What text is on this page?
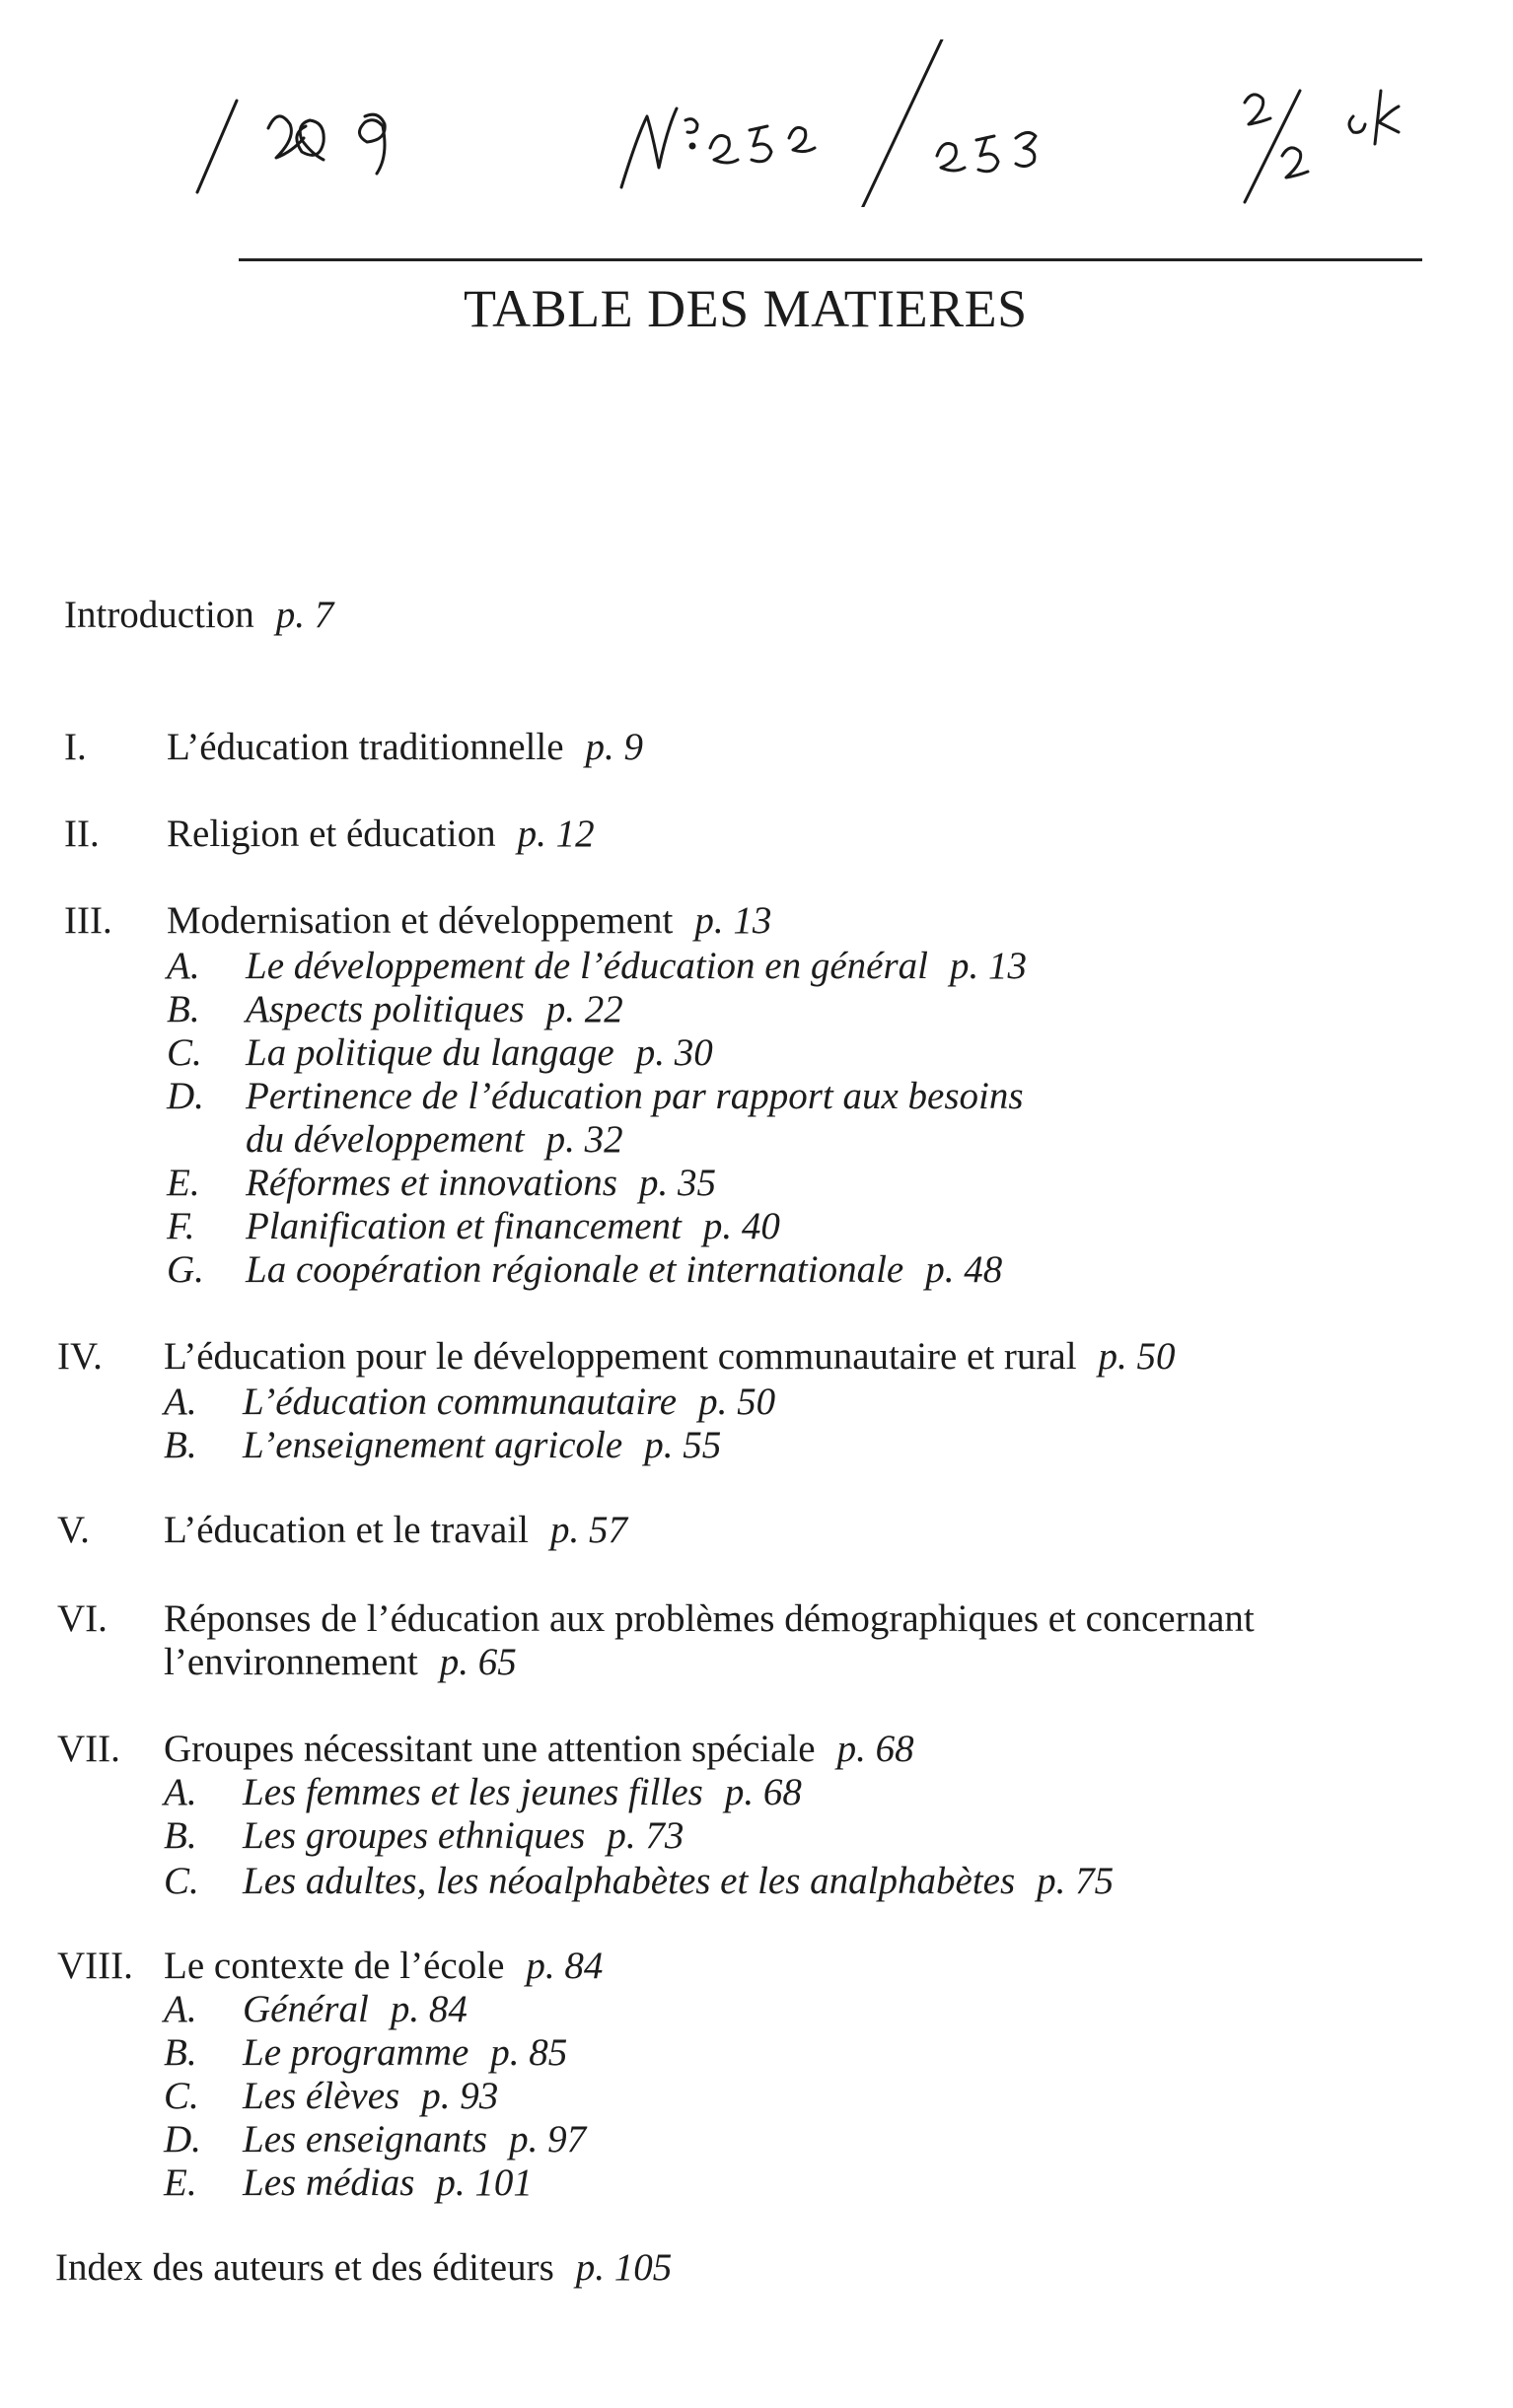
TABLE DES MATIERES
Introduction p. 7
I. L’éducation traditionnelle p. 9
II. Religion et éducation p. 12
III. Modernisation et développement p. 13
A. Le développement de l’éducation en général p. 13
B. Aspects politiques p. 22
C. La politique du langage p. 30
D. Pertinence de l’éducation par rapport aux besoins
du développement p. 32
E. Réformes et innovations p. 35
F. Planification et financement p. 40
G. La coopération régionale et internationale p. 48
IV. L’éducation pour le développement communautaire et rural p. 50
A. L’éducation communautaire p. 50
B. L’enseignement agricole p. 55
V. L’éducation et le travail p. 57
VI. Réponses de l’éducation aux problèmes démographiques et concernant
l’environnement p. 65
VII. Groupes nécessitant une attention spéciale p. 68
A. Les femmes et les jeunes filles p. 68
B. Les groupes ethniques p. 73
C. Les adultes, les néoalphabètes et les analphabètes p. 75
VIII. Le contexte de l’école p. 84
A. Général p. 84
B. Le programme p. 85
C. Les élèves p. 93
D. Les enseignants p. 97
E. Les médias p. 101
Index des auteurs et des éditeurs p. 105
